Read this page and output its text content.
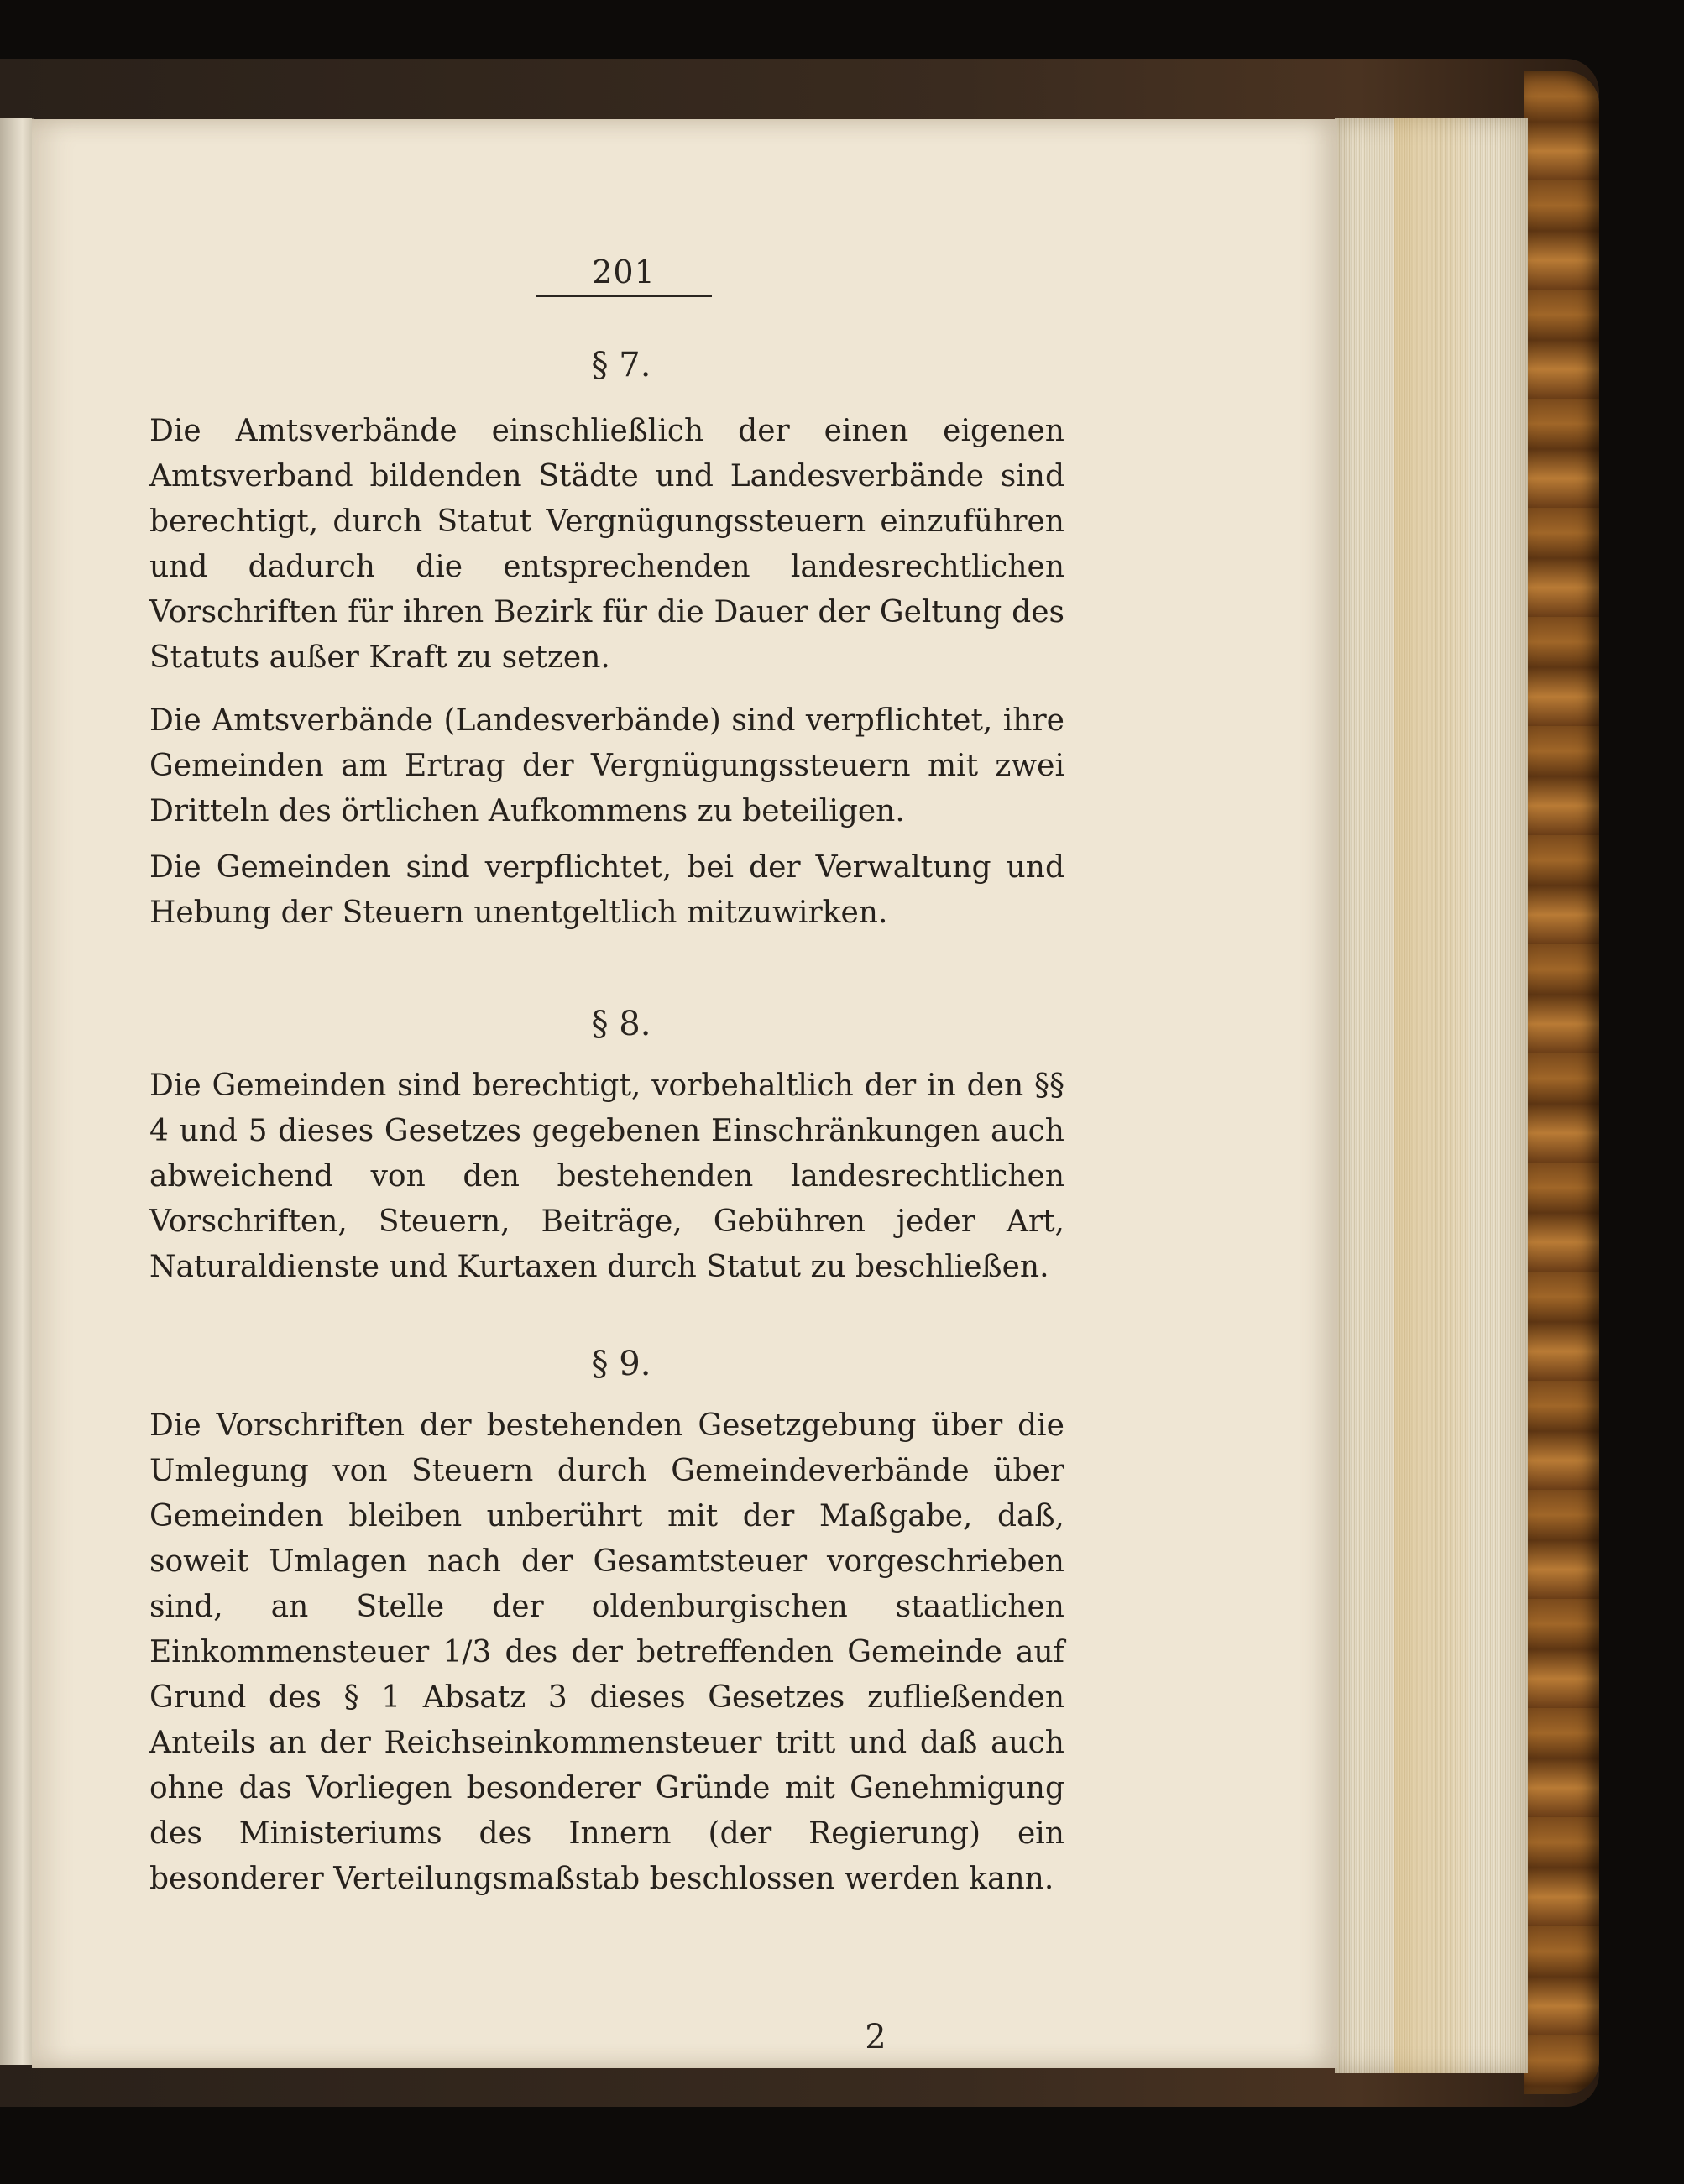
201
§ 7.

Die Amtsverbände einschließlich der einen eigenen Amtsverband bildenden Städte und Landesverbände sind berechtigt, durch Statut Vergnügungssteuern einzuführen und dadurch die entsprechenden landesrechtlichen Vorschriften für ihren Bezirk für die Dauer der Geltung des Statuts außer Kraft zu setzen.

Die Amtsverbände (Landesverbände) sind verpflichtet, ihre Gemeinden am Ertrag der Vergnügungssteuern mit zwei Dritteln des örtlichen Aufkommens zu beteiligen.

Die Gemeinden sind verpflichtet, bei der Verwaltung und Hebung der Steuern unentgeltlich mitzuwirken.

§ 8.

Die Gemeinden sind berechtigt, vorbehaltlich der in den §§ 4 und 5 dieses Gesetzes gegebenen Einschränkungen auch abweichend von den bestehenden landesrechtlichen Vorschriften, Steuern, Beiträge, Gebühren jeder Art, Naturaldienste und Kurtaxen durch Statut zu beschließen.

§ 9.

Die Vorschriften der bestehenden Gesetzgebung über die Umlegung von Steuern durch Gemeindeverbände über Gemeinden bleiben unberührt mit der Maßgabe, daß, soweit Umlagen nach der Gesamtsteuer vorgeschrieben sind, an Stelle der oldenburgischen staatlichen Einkommensteuer 1/3 des der betreffenden Gemeinde auf Grund des § 1 Absatz 3 dieses Gesetzes zufließenden Anteils an der Reichseinkommensteuer tritt und daß auch ohne das Vorliegen besonderer Gründe mit Genehmigung des Ministeriums des Innern (der Regierung) ein besonderer Verteilungsmaßstab beschlossen werden kann.

2
